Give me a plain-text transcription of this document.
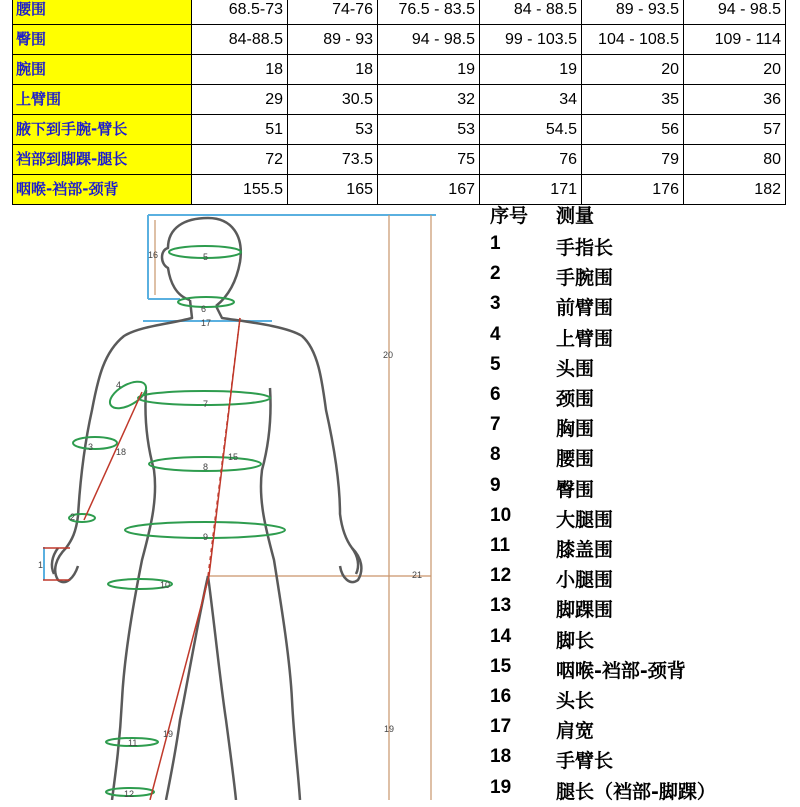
腰围	68.5-73	74-76	76.5 - 83.5	84 - 88.5	89 - 93.5	94 - 98.5
臀围	84-88.5	89 - 93	94 - 98.5	99 - 103.5	104 - 108.5	109 - 114
腕围	18	18	19	19	20	20
上臂围	29	30.5	32	34	35	36
腋下到手腕-臂长	51	53	53	54.5	56	57
裆部到脚踝-腿长	72	73.5	75	76	79	80
咽喉-裆部-颈背	155.5	165	167	171	176	182
16	5
6
17
20
4
7
15
3	18
8
2
9
1
10
21
11
19	19
12
序号	测量
1	手指长
2	手腕围
3	前臂围
4	上臂围
5	头围
6	颈围
7	胸围
8	腰围
9	臀围
10	大腿围
11	膝盖围
12	小腿围
13	脚踝围
14	脚长
15	咽喉-裆部-颈背
16	头长
17	肩宽
18	手臂长
19	腿长（裆部-脚踝）
